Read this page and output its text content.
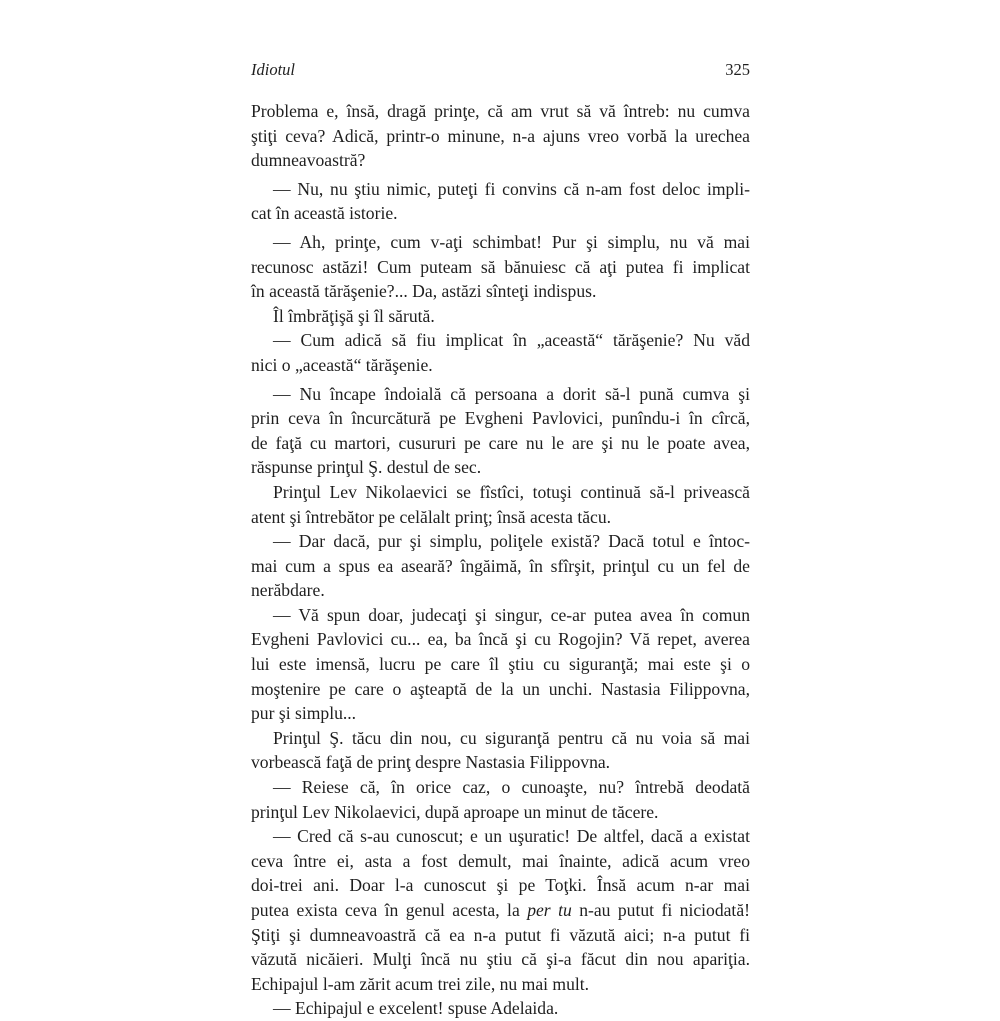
Idiotul	325
Problema e, însă, dragă prinţe, că am vrut să vă întreb: nu cumva
ştiţi ceva? Adică, printr-o minune, n-a ajuns vreo vorbă la urechea
dumneavoastră?
— Nu, nu ştiu nimic, puteţi fi convins că n-am fost deloc impli-
cat în această istorie.
— Ah, prinţe, cum v-aţi schimbat! Pur şi simplu, nu vă mai
recunosc astăzi! Cum puteam să bănuiesc că aţi putea fi implicat
în această tărăşenie?... Da, astăzi sînteţi indispus.
Îl îmbrăţişă şi îl sărută.
— Cum adică să fiu implicat în „această“ tărăşenie? Nu văd
nici o „această“ tărăşenie.
— Nu încape îndoială că persoana a dorit să-l pună cumva şi
prin ceva în încurcătură pe Evgheni Pavlovici, punîndu-i în cîrcă,
de faţă cu martori, cusururi pe care nu le are şi nu le poate avea,
răspunse prinţul Ş. destul de sec.
Prinţul Lev Nikolaevici se fîstîci, totuşi continuă să-l privească
atent şi întrebător pe celălalt prinţ; însă acesta tăcu.
— Dar dacă, pur şi simplu, poliţele există? Dacă totul e întoc-
mai cum a spus ea aseară? îngăimă, în sfîrşit, prinţul cu un fel de
nerăbdare.
— Vă spun doar, judecaţi şi singur, ce-ar putea avea în comun
Evgheni Pavlovici cu... ea, ba încă şi cu Rogojin? Vă repet, averea
lui este imensă, lucru pe care îl ştiu cu siguranţă; mai este şi o
moştenire pe care o aşteaptă de la un unchi. Nastasia Filippovna,
pur şi simplu...
Prinţul Ş. tăcu din nou, cu siguranţă pentru că nu voia să mai
vorbească faţă de prinţ despre Nastasia Filippovna.
— Reiese că, în orice caz, o cunoaşte, nu? întrebă deodată
prinţul Lev Nikolaevici, după aproape un minut de tăcere.
— Cred că s-au cunoscut; e un uşuratic! De altfel, dacă a existat
ceva între ei, asta a fost demult, mai înainte, adică acum vreo
doi-trei ani. Doar l-a cunoscut şi pe Toţki. Însă acum n-ar mai
putea exista ceva în genul acesta, la per tu n-au putut fi niciodată!
Ştiţi şi dumneavoastră că ea n-a putut fi văzută aici; n-a putut fi
văzută nicăieri. Mulţi încă nu ştiu că şi-a făcut din nou apariţia.
Echipajul l-am zărit acum trei zile, nu mai mult.
— Echipajul e excelent! spuse Adelaida.
